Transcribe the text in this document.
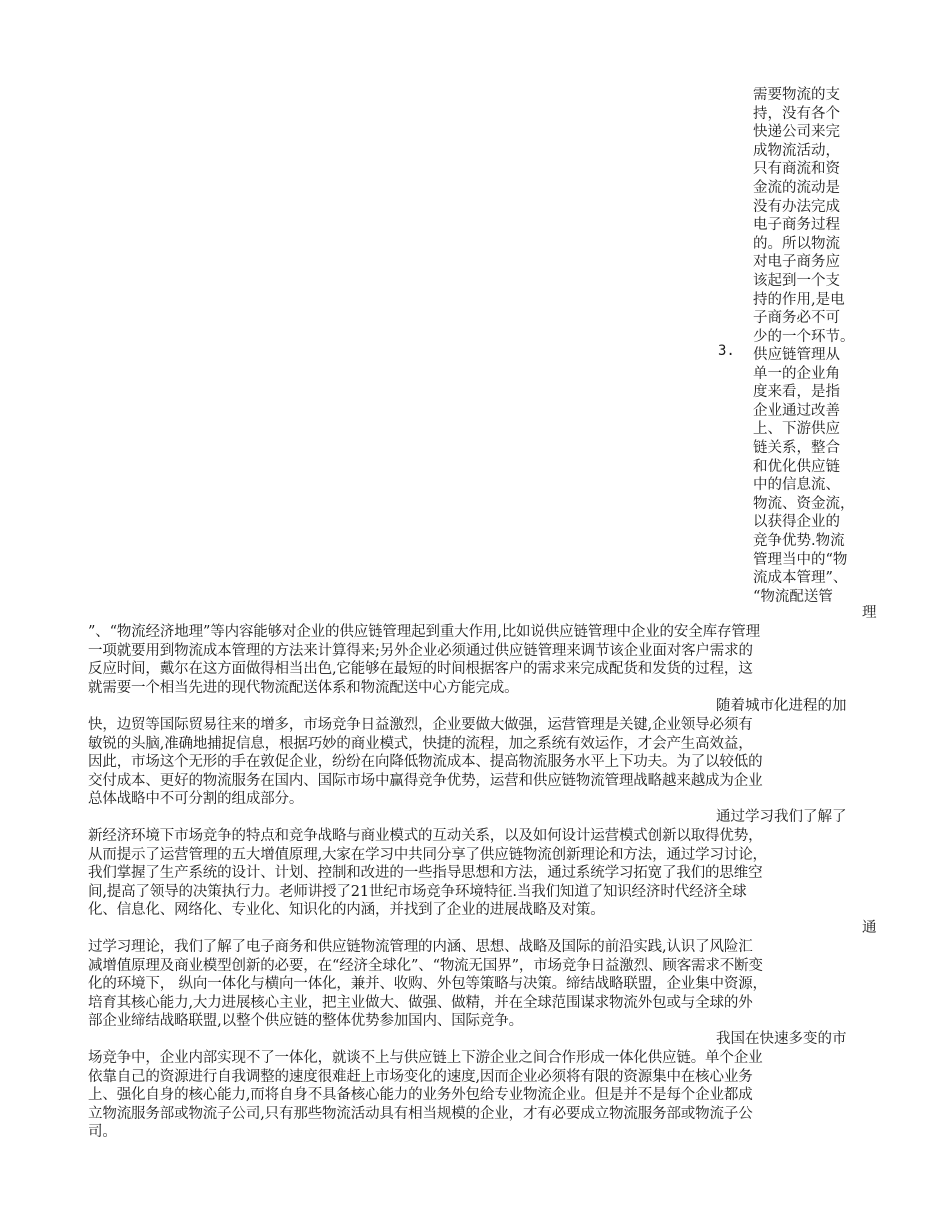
需要物流的支
持，没有各个
快递公司来完
成物流活动，
只有商流和资
金流的流动是
没有办法完成
电子商务过程
的。所以物流
对电子商务应
该起到一个支
持的作用,是电
子商务必不可
少的一个环节。
3. 供应链管理从
单一的企业角
度来看，是指
企业通过改善
上、下游供应
链关系，整合
和优化供应链
中的信息流、
物流、资金流，
以获得企业的
竞争优势.物流
管理当中的“物
流成本管理”、
“物流配送管
理
”、“物流经济地理”等内容能够对企业的供应链管理起到重大作用,比如说供应链管理中企业的安全库存管理
一项就要用到物流成本管理的方法来计算得来;另外企业必须通过供应链管理来调节该企业面对客户需求的
反应时间，戴尔在这方面做得相当出色,它能够在最短的时间根据客户的需求来完成配货和发货的过程，这
就需要一个相当先进的现代物流配送体系和物流配送中心方能完成。
随着城市化进程的加
快，边贸等国际贸易往来的增多，市场竞争日益激烈，企业要做大做强，运营管理是关键,企业领导必须有
敏锐的头脑,准确地捕捉信息，根据巧妙的商业模式，快捷的流程，加之系统有效运作，才会产生高效益，
因此，市场这个无形的手在敦促企业，纷纷在向降低物流成本、提高物流服务水平上下功夫。为了以较低的
交付成本、更好的物流服务在国内、国际市场中赢得竞争优势，运营和供应链物流管理战略越来越成为企业
总体战略中不可分割的组成部分。
通过学习我们了解了
新经济环境下市场竞争的特点和竞争战略与商业模式的互动关系，以及如何设计运营模式创新以取得优势，
从而提示了运营管理的五大增值原理,大家在学习中共同分享了供应链物流创新理论和方法，通过学习讨论，
我们掌握了生产系统的设计、计划、控制和改进的一些指导思想和方法，通过系统学习拓宽了我们的思维空
间,提高了领导的决策执行力。老师讲授了21世纪市场竞争环境特征.当我们知道了知识经济时代经济全球
化、信息化、网络化、专业化、知识化的内涵，并找到了企业的进展战略及对策。
通
过学习理论，我们了解了电子商务和供应链物流管理的内涵、思想、战略及国际的前沿实践,认识了风险汇
减增值原理及商业模型创新的必要，在“经济全球化”、“物流无国界”，市场竞争日益激烈、顾客需求不断变
化的环境下， 纵向一体化与横向一体化，兼并、收购、外包等策略与决策。缔结战略联盟，企业集中资源，
培育其核心能力,大力进展核心主业，把主业做大、做强、做精，并在全球范围谋求物流外包或与全球的外
部企业缔结战略联盟,以整个供应链的整体优势参加国内、国际竞争。
我国在快速多变的市
场竞争中，企业内部实现不了一体化，就谈不上与供应链上下游企业之间合作形成一体化供应链。单个企业
依靠自己的资源进行自我调整的速度很难赶上市场变化的速度,因而企业必须将有限的资源集中在核心业务
上、强化自身的核心能力,而将自身不具备核心能力的业务外包给专业物流企业。但是并不是每个企业都成
立物流服务部或物流子公司,只有那些物流活动具有相当规模的企业，才有必要成立物流服务部或物流子公
司。
